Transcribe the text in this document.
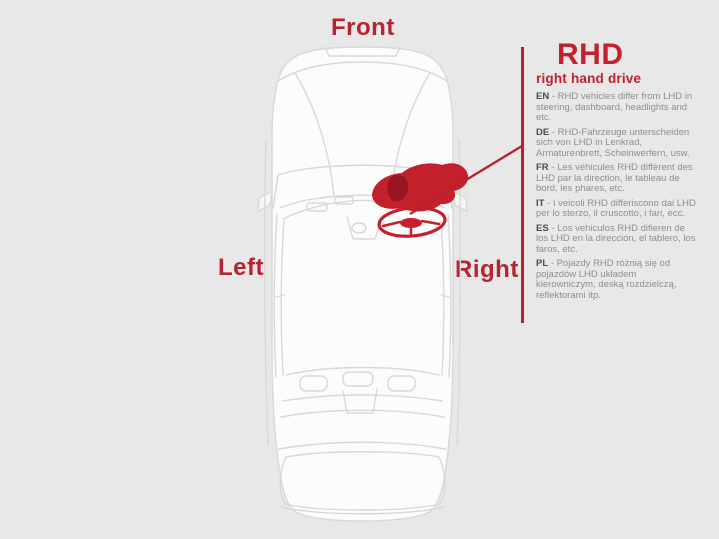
Front
Left	Right
RHD
right hand drive

EN - RHD vehicles differ from LHD in steering, dashboard, headlights and etc.

DE - RHD-Fahrzeuge unterscheiden sich von LHD in Lenkrad, Armaturenbrett, Scheinwerfern, usw.

FR - Les véhicules RHD diffèrent des LHD par la direction, le tableau de bord, les phares, etc.

IT - I veicoli RHD differiscono dai LHD per lo sterzo, il cruscotto, i fari, ecc.

ES - Los vehiculos RHD difieren de los LHD en la dirección, el tablero, los faros, etc.

PL - Pojazdy RHD różnią się od pojazdów LHD układem kierowniczym, deską rozdzielczą, reflektorami itp.
